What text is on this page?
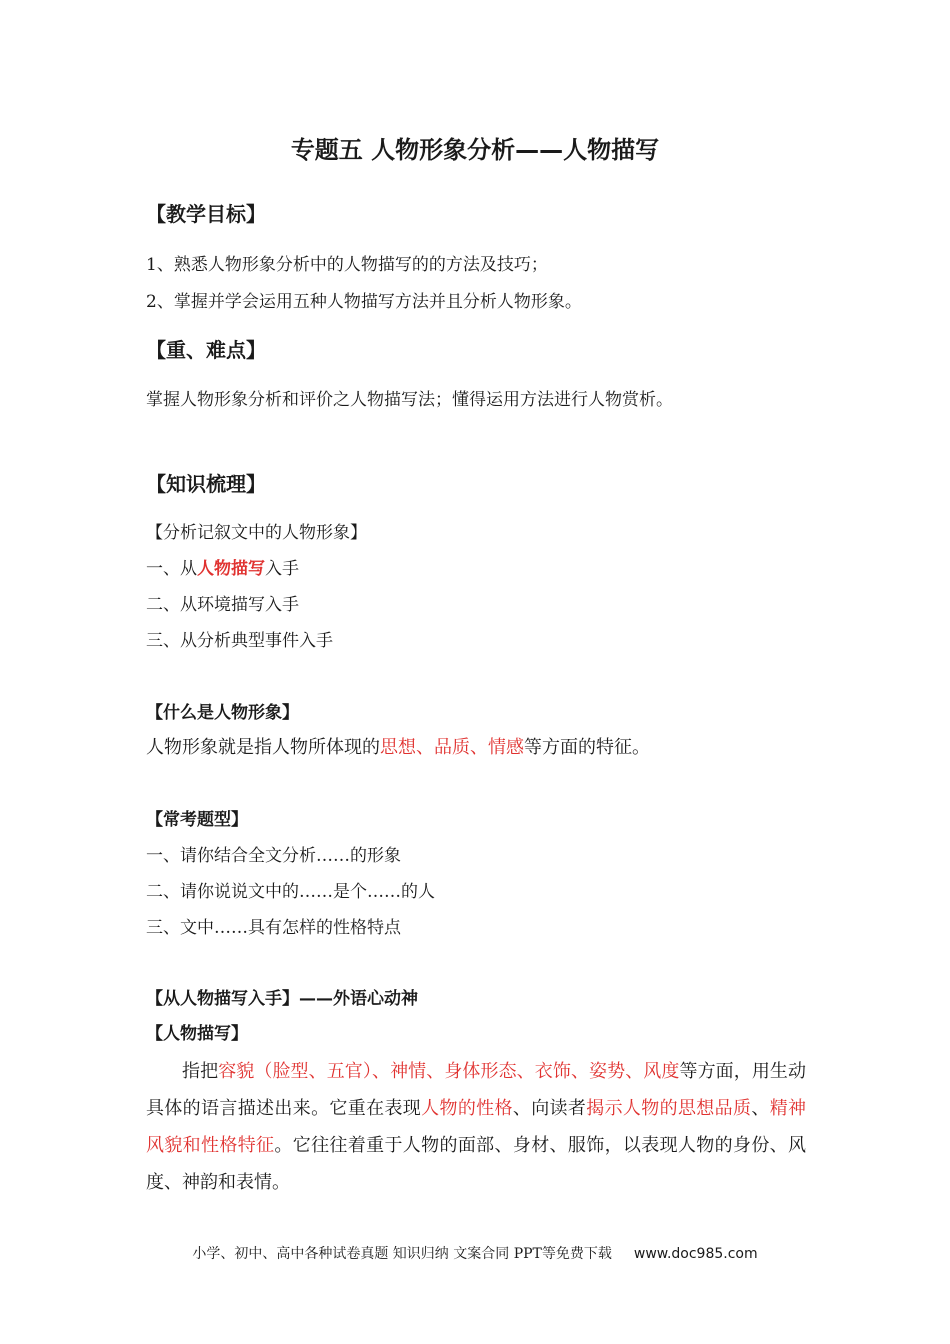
专题五 人物形象分析——人物描写
【教学目标】
1、熟悉人物形象分析中的人物描写的的方法及技巧；
2、掌握并学会运用五种人物描写方法并且分析人物形象。
【重、难点】
掌握人物形象分析和评价之人物描写法；懂得运用方法进行人物赏析。
【知识梳理】
【分析记叙文中的人物形象】
一、从人物描写入手
二、从环境描写入手
三、从分析典型事件入手
【什么是人物形象】
人物形象就是指人物所体现的思想、品质、情感等方面的特征。
【常考题型】
一、请你结合全文分析……的形象
二、请你说说文中的……是个……的人
三、文中……具有怎样的性格特点
【从人物描写入手】——外语心动神
【人物描写】
指把容貌（脸型、五官）、神情、身体形态、衣饰、姿势、风度等方面，用生动具体的语言描述出来。它重在表现人物的性格、向读者揭示人物的思想品质、精神风貌和性格特征。它往往着重于人物的面部、身材、服饰，以表现人物的身份、风度、神韵和表情。
小学、初中、高中各种试卷真题 知识归纳 文案合同 PPT等免费下载 www.doc985.com
